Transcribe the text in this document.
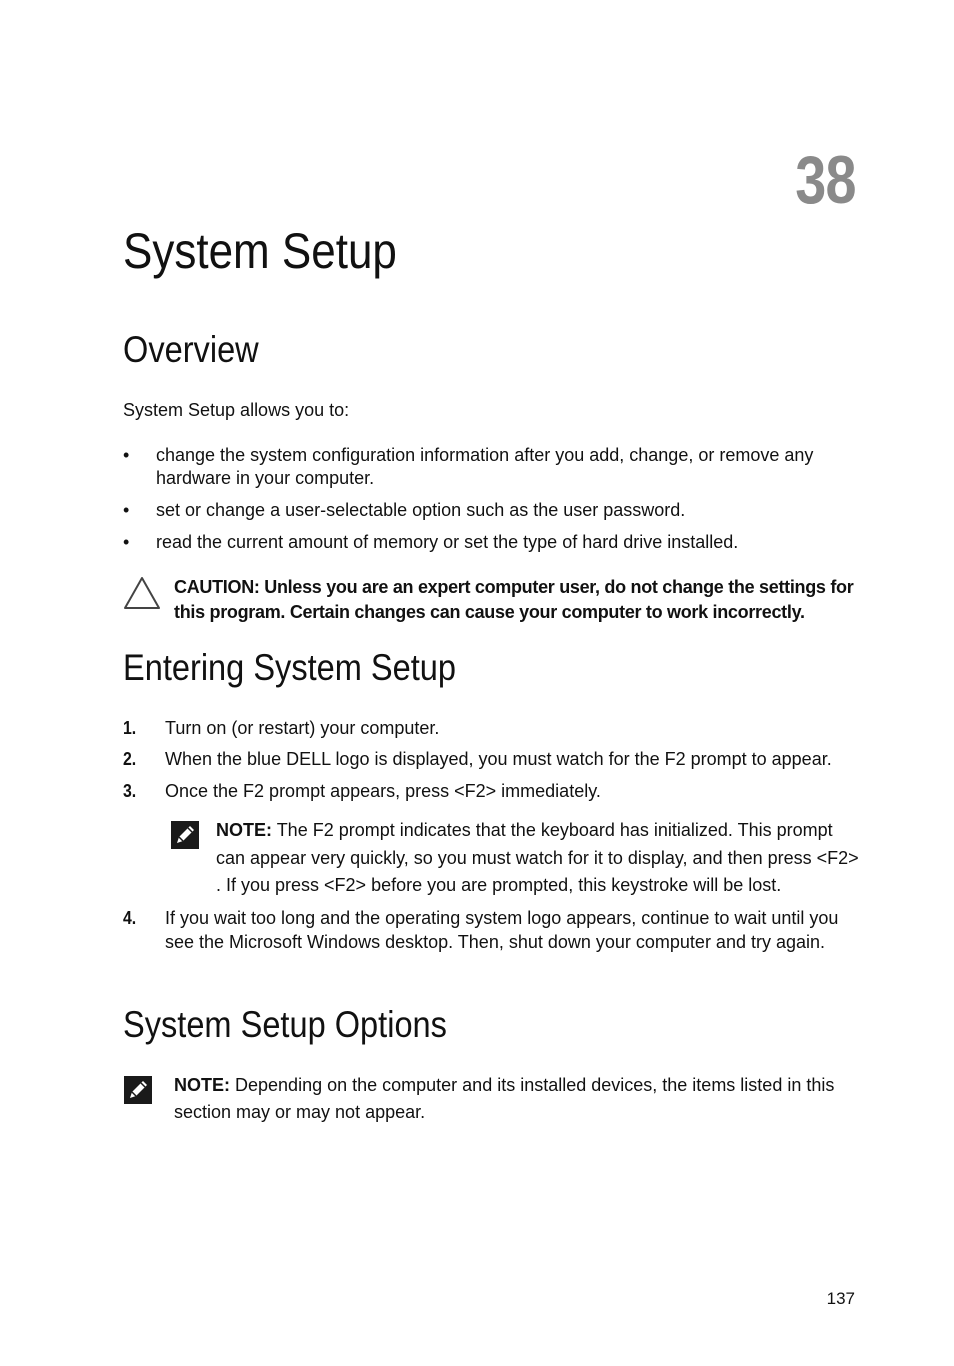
38
System Setup
Overview

System Setup allows you to:

•	change the system configuration information after you add, change, or remove any hardware in your computer.
•	set or change a user-selectable option such as the user password.
•	read the current amount of memory or set the type of hard drive installed.
CAUTION: Unless you are an expert computer user, do not change the settings for this program. Certain changes can cause your computer to work incorrectly.
Entering System Setup
1. Turn on (or restart) your computer.
2. When the blue DELL logo is displayed, you must watch for the F2 prompt to appear.
3. Once the F2 prompt appears, press <F2> immediately.
4. If you wait too long and the operating system logo appears, continue to wait until you see the Microsoft Windows desktop. Then, shut down your computer and try again.
NOTE: The F2 prompt indicates that the keyboard has initialized. This prompt can appear very quickly, so you must watch for it to display, and then press <F2> . If you press <F2> before you are prompted, this keystroke will be lost.
System Setup Options
NOTE: Depending on the computer and its installed devices, the items listed in this section may or may not appear.
137
